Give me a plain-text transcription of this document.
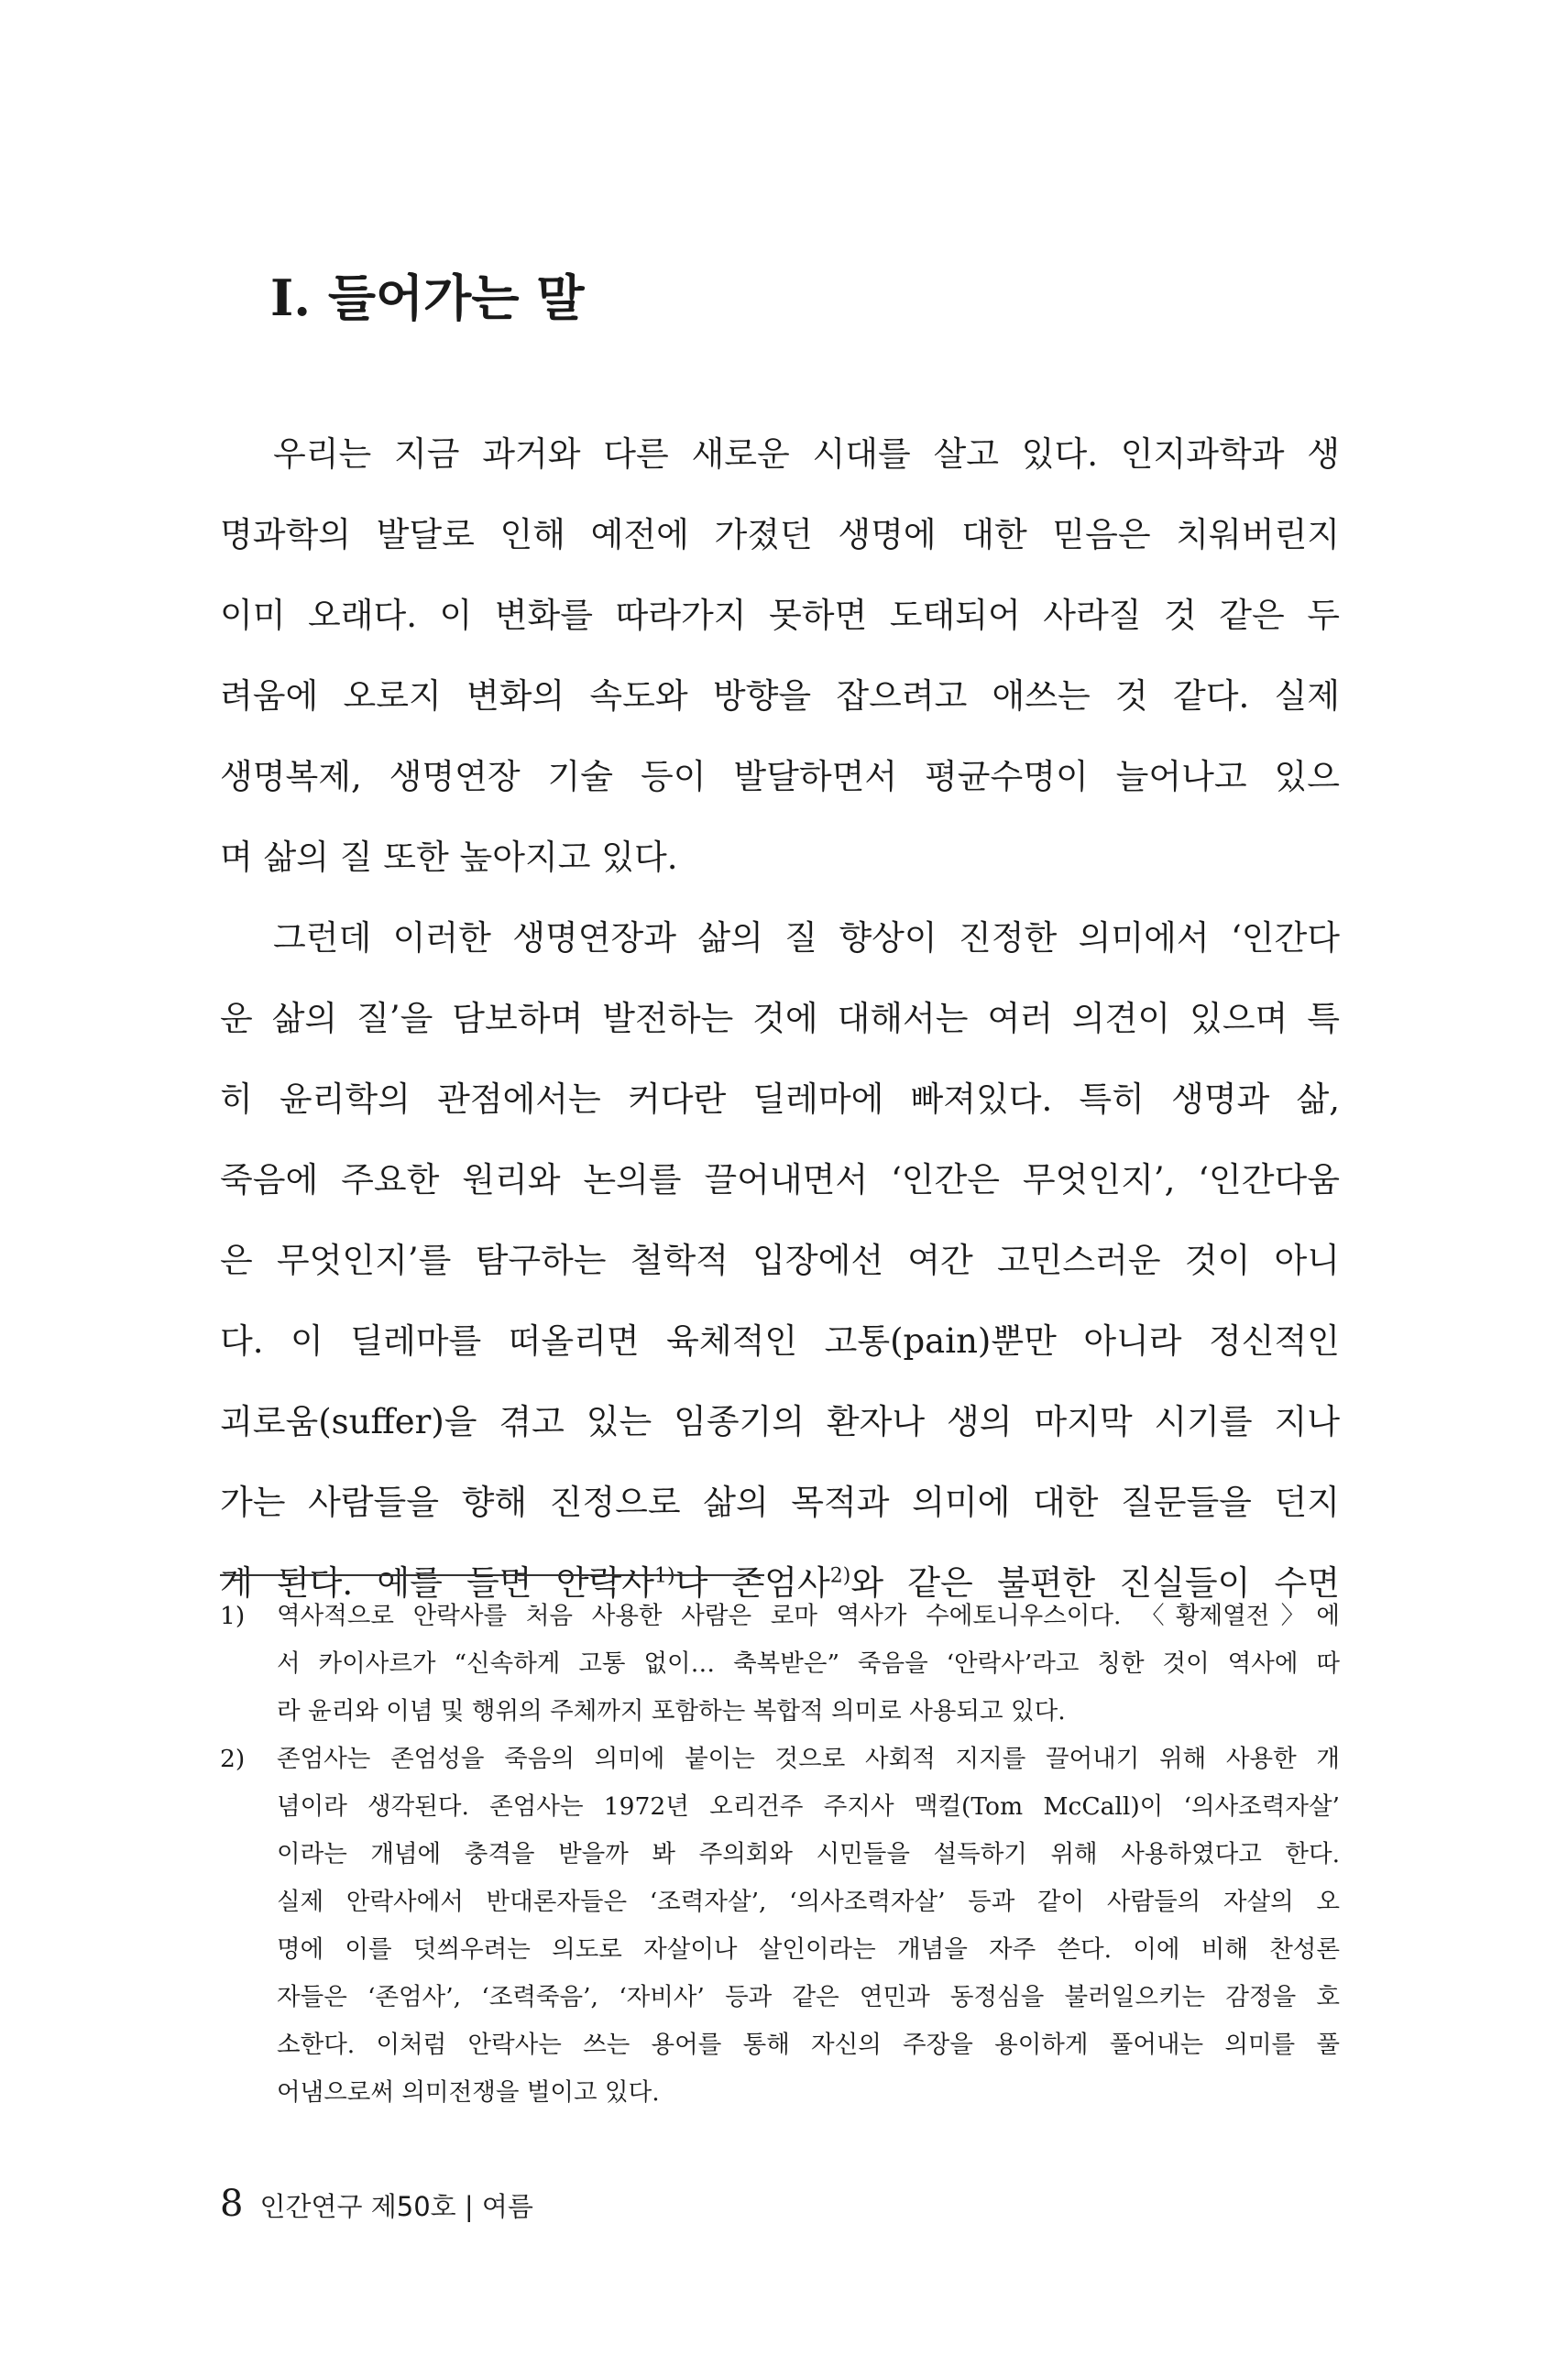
I. 들어가는 말

우리는 지금 과거와 다른 새로운 시대를 살고 있다. 인지과학과 생
명과학의 발달로 인해 예전에 가졌던 생명에 대한 믿음은 치워버린지
이미 오래다. 이 변화를 따라가지 못하면 도태되어 사라질 것 같은 두
려움에 오로지 변화의 속도와 방향을 잡으려고 애쓰는 것 같다. 실제
생명복제, 생명연장 기술 등이 발달하면서 평균수명이 늘어나고 있으
며 삶의 질 또한 높아지고 있다.

그런데 이러한 생명연장과 삶의 질 향상이 진정한 의미에서 ‘인간다
운 삶의 질’을 담보하며 발전하는 것에 대해서는 여러 의견이 있으며 특
히 윤리학의 관점에서는 커다란 딜레마에 빠져있다. 특히 생명과 삶,
죽음에 주요한 원리와 논의를 끌어내면서 ‘인간은 무엇인지’, ‘인간다움
은 무엇인지’를 탐구하는 철학적 입장에선 여간 고민스러운 것이 아니
다. 이 딜레마를 떠올리면 육체적인 고통(pain)뿐만 아니라 정신적인
괴로움(suffer)을 겪고 있는 임종기의 환자나 생의 마지막 시기를 지나
가는 사람들을 향해 진정으로 삶의 목적과 의미에 대한 질문들을 던지
게 된다. 예를 들면 안락사$^{1)}$나 존엄사$^{2)}$와 같은 불편한 진실들이 수면

1) 역사적으로 안락사를 처음 사용한 사람은 로마 역사가 수에토니우스이다. 〈황제열전〉에
서 카이사르가 “신속하게 고통 없이… 축복받은” 죽음을 ‘안락사’라고 칭한 것이 역사에 따
라 윤리와 이념 및 행위의 주체까지 포함하는 복합적 의미로 사용되고 있다.
2) 존엄사는 존엄성을 죽음의 의미에 붙이는 것으로 사회적 지지를 끌어내기 위해 사용한 개
념이라 생각된다. 존엄사는 1972년 오리건주 주지사 맥컬(Tom McCall)이 ‘의사조력자살’
이라는 개념에 충격을 받을까 봐 주의회와 시민들을 설득하기 위해 사용하였다고 한다.
실제 안락사에서 반대론자들은 ‘조력자살’, ‘의사조력자살’ 등과 같이 사람들의 자살의 오
명에 이를 덧씌우려는 의도로 자살이나 살인이라는 개념을 자주 쓴다. 이에 비해 찬성론
자들은 ‘존엄사’, ‘조력죽음’, ‘자비사’ 등과 같은 연민과 동정심을 불러일으키는 감정을 호
소한다. 이처럼 안락사는 쓰는 용어를 통해 자신의 주장을 용이하게 풀어내는 의미를 풀
어냄으로써 의미전쟁을 벌이고 있다.
8 인간연구 제50호 | 여름
